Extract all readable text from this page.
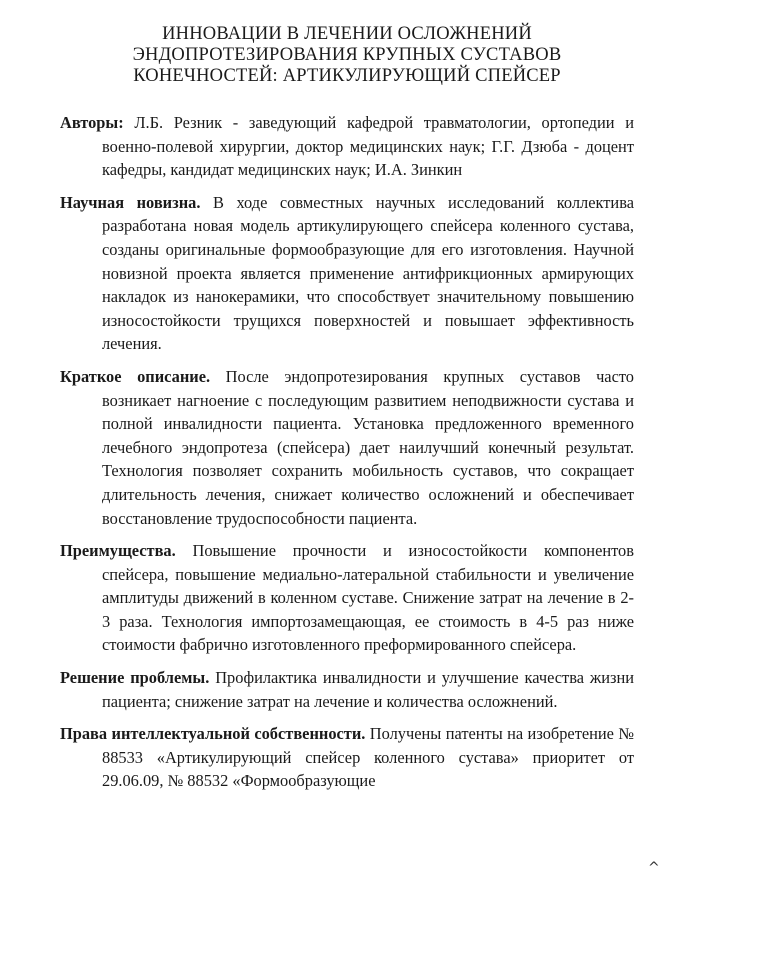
ИННОВАЦИИ В ЛЕЧЕНИИ ОСЛОЖНЕНИЙ
ЭНДОПРОТЕЗИРОВАНИЯ КРУПНЫХ СУСТАВОВ
КОНЕЧНОСТЕЙ: АРТИКУЛИРУЮЩИЙ СПЕЙСЕР

Авторы: Л.Б. Резник - заведующий кафедрой травматологии, ортопедии и военно-полевой хирургии, доктор медицинских наук; Г.Г. Дзюба - доцент кафедры, кандидат медицинских наук; И.А. Зинкин

Научная новизна. В ходе совместных научных исследований коллектива разработана новая модель артикулирующего спейсера коленного сустава, созданы оригинальные формообразующие для его изготовления. Научной новизной проекта является применение антифрикционных армирующих накладок из нанокерамики, что способствует значительному повышению износостойкости трущихся поверхностей и повышает эффективность лечения.

Краткое описание. После эндопротезирования крупных суставов часто возникает нагноение с последующим развитием неподвижности сустава и полной инвалидности пациента. Установка предложенного временного лечебного эндопротеза (спейсера) дает наилучший конечный результат. Технология позволяет сохранить мобильность суставов, что сокращает длительность лечения, снижает количество осложнений и обеспечивает восстановление трудоспособности пациента.

Преимущества. Повышение прочности и износостойкости компонентов спейсера, повышение медиально-латеральной стабильности и увеличение амплитуды движений в коленном суставе. Снижение затрат на лечение в 2-3 раза. Технология импортозамещающая, ее стоимость в 4-5 раз ниже стоимости фабрично изготовленного преформированного спейсера.

Решение проблемы. Профилактика инвалидности и улучшение качества жизни пациента; снижение затрат на лечение и количества осложнений.

Права интеллектуальной собственности. Получены патенты на изобретение № 88533 «Артикулирующий спейсер коленного сустава» приоритет от 29.06.09, № 88532 «Формообразующие

^
